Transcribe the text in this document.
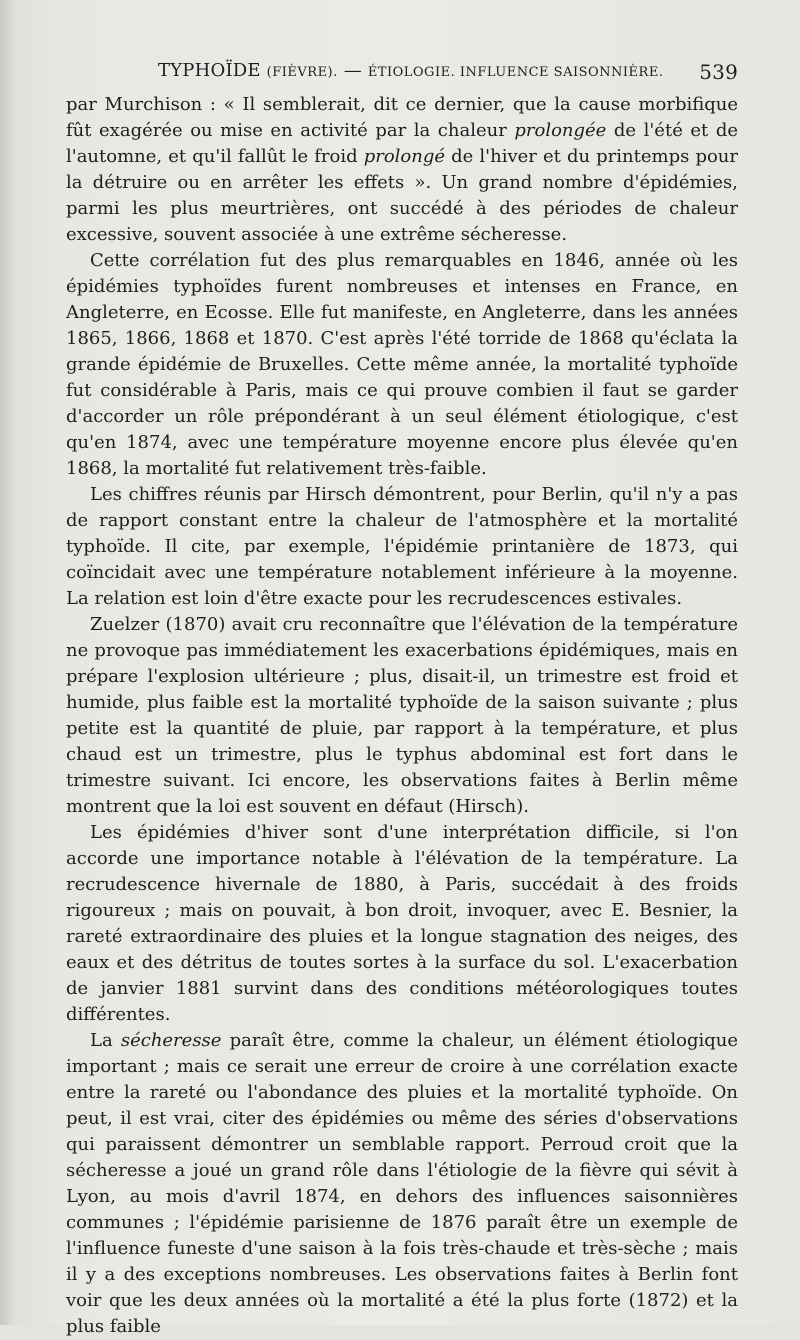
TYPHOÏDE (FIÈVRE). — ÉTIOLOGIE. INFLUENCE SAISONNIÈRE. 539

par Murchison : « Il semblerait, dit ce dernier, que la cause morbifique fût exagérée ou mise en activité par la chaleur prolongée de l'été et de l'automne, et qu'il fallût le froid prolongé de l'hiver et du printemps pour la détruire ou en arrêter les effets ». Un grand nombre d'épidémies, parmi les plus meurtrières, ont succédé à des périodes de chaleur excessive, souvent associée à une extrême sécheresse.

Cette corrélation fut des plus remarquables en 1846, année où les épidémies typhoïdes furent nombreuses et intenses en France, en Angleterre, en Ecosse. Elle fut manifeste, en Angleterre, dans les années 1865, 1866, 1868 et 1870. C'est après l'été torride de 1868 qu'éclata la grande épidémie de Bruxelles. Cette même année, la mortalité typhoïde fut considérable à Paris, mais ce qui prouve combien il faut se garder d'accorder un rôle prépondérant à un seul élément étiologique, c'est qu'en 1874, avec une température moyenne encore plus élevée qu'en 1868, la mortalité fut relativement très-faible.

Les chiffres réunis par Hirsch démontrent, pour Berlin, qu'il n'y a pas de rapport constant entre la chaleur de l'atmosphère et la mortalité typhoïde. Il cite, par exemple, l'épidémie printanière de 1873, qui coïncidait avec une température notablement inférieure à la moyenne. La relation est loin d'être exacte pour les recrudescences estivales.

Zuelzer (1870) avait cru reconnaître que l'élévation de la température ne provoque pas immédiatement les exacerbations épidémiques, mais en prépare l'explosion ultérieure ; plus, disait-il, un trimestre est froid et humide, plus faible est la mortalité typhoïde de la saison suivante ; plus petite est la quantité de pluie, par rapport à la température, et plus chaud est un trimestre, plus le typhus abdominal est fort dans le trimestre suivant. Ici encore, les observations faites à Berlin même montrent que la loi est souvent en défaut (Hirsch).

Les épidémies d'hiver sont d'une interprétation difficile, si l'on accorde une importance notable à l'élévation de la température. La recrudescence hivernale de 1880, à Paris, succédait à des froids rigoureux ; mais on pouvait, à bon droit, invoquer, avec E. Besnier, la rareté extraordinaire des pluies et la longue stagnation des neiges, des eaux et des détritus de toutes sortes à la surface du sol. L'exacerbation de janvier 1881 survint dans des conditions météorologiques toutes différentes.

La sécheresse paraît être, comme la chaleur, un élément étiologique important ; mais ce serait une erreur de croire à une corrélation exacte entre la rareté ou l'abondance des pluies et la mortalité typhoïde. On peut, il est vrai, citer des épidémies ou même des séries d'observations qui paraissent démontrer un semblable rapport. Perroud croit que la sécheresse a joué un grand rôle dans l'étiologie de la fièvre qui sévit à Lyon, au mois d'avril 1874, en dehors des influences saisonnières communes ; l'épidémie parisienne de 1876 paraît être un exemple de l'influence funeste d'une saison à la fois très-chaude et très-sèche ; mais il y a des exceptions nombreuses. Les observations faites à Berlin font voir que les deux années où la mortalité a été la plus forte (1872) et la plus faible
